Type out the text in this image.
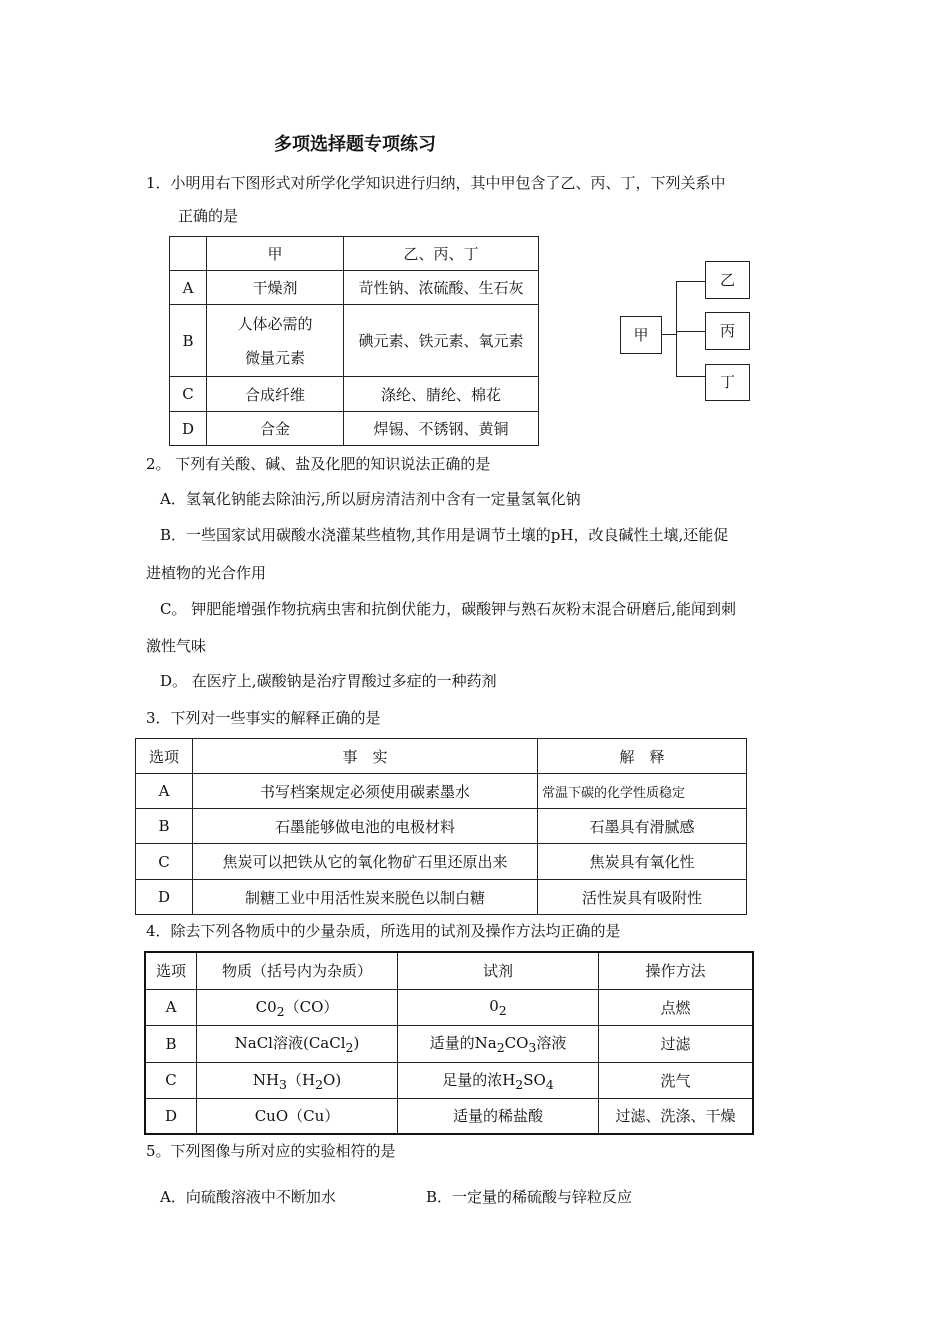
多项选择题专项练习
1．小明用右下图形式对所学化学知识进行归纳，其中甲包含了乙、丙、丁，下列关系中
正确的是
	甲	乙、丙、丁
A	干燥剂	苛性钠、浓硫酸、生石灰
B	人体必需的
微量元素	碘元素、铁元素、氧元素
C	合成纤维	涤纶、腈纶、棉花
D	合金	焊锡、不锈钢、黄铜
甲
乙
丙
丁
2。 下列有关酸、碱、盐及化肥的知识说法正确的是
A．氢氧化钠能去除油污,所以厨房清洁剂中含有一定量氢氧化钠
B．一些国家试用碳酸水浇灌某些植物,其作用是调节土壤的pH，改良碱性土壤,还能促
进植物的光合作用
C。 钾肥能增强作物抗病虫害和抗倒伏能力，碳酸钾与熟石灰粉末混合研磨后,能闻到刺
激性气味
D。 在医疗上,碳酸钠是治疗胃酸过多症的一种药剂
3．下列对一些事实的解释正确的是
选项	事　实	解　释
A	书写档案规定必须使用碳素墨水	常温下碳的化学性质稳定
B	石墨能够做电池的电极材料	石墨具有滑腻感
C	焦炭可以把铁从它的氧化物矿石里还原出来	焦炭具有氧化性
D	制糖工业中用活性炭来脱色以制白糖	活性炭具有吸附性
4．除去下列各物质中的少量杂质，所选用的试剂及操作方法均正确的是
选项	物质（括号内为杂质）	试剂	操作方法
A	$C0_2(CO)$	$0_2$	点燃
B	NaCl溶液(CaCl$_2$)	适量的$Na_2CO_3$溶液	过滤
C	$NH_3(H_2O)$	足量的浓$H_2SO_4$	洗气
D	CuO（Cu）	适量的稀盐酸	过滤、洗涤、干燥
5。下列图像与所对应的实验相符的是
A．向硫酸溶液中不断加水	B．一定量的稀硫酸与锌粒反应
